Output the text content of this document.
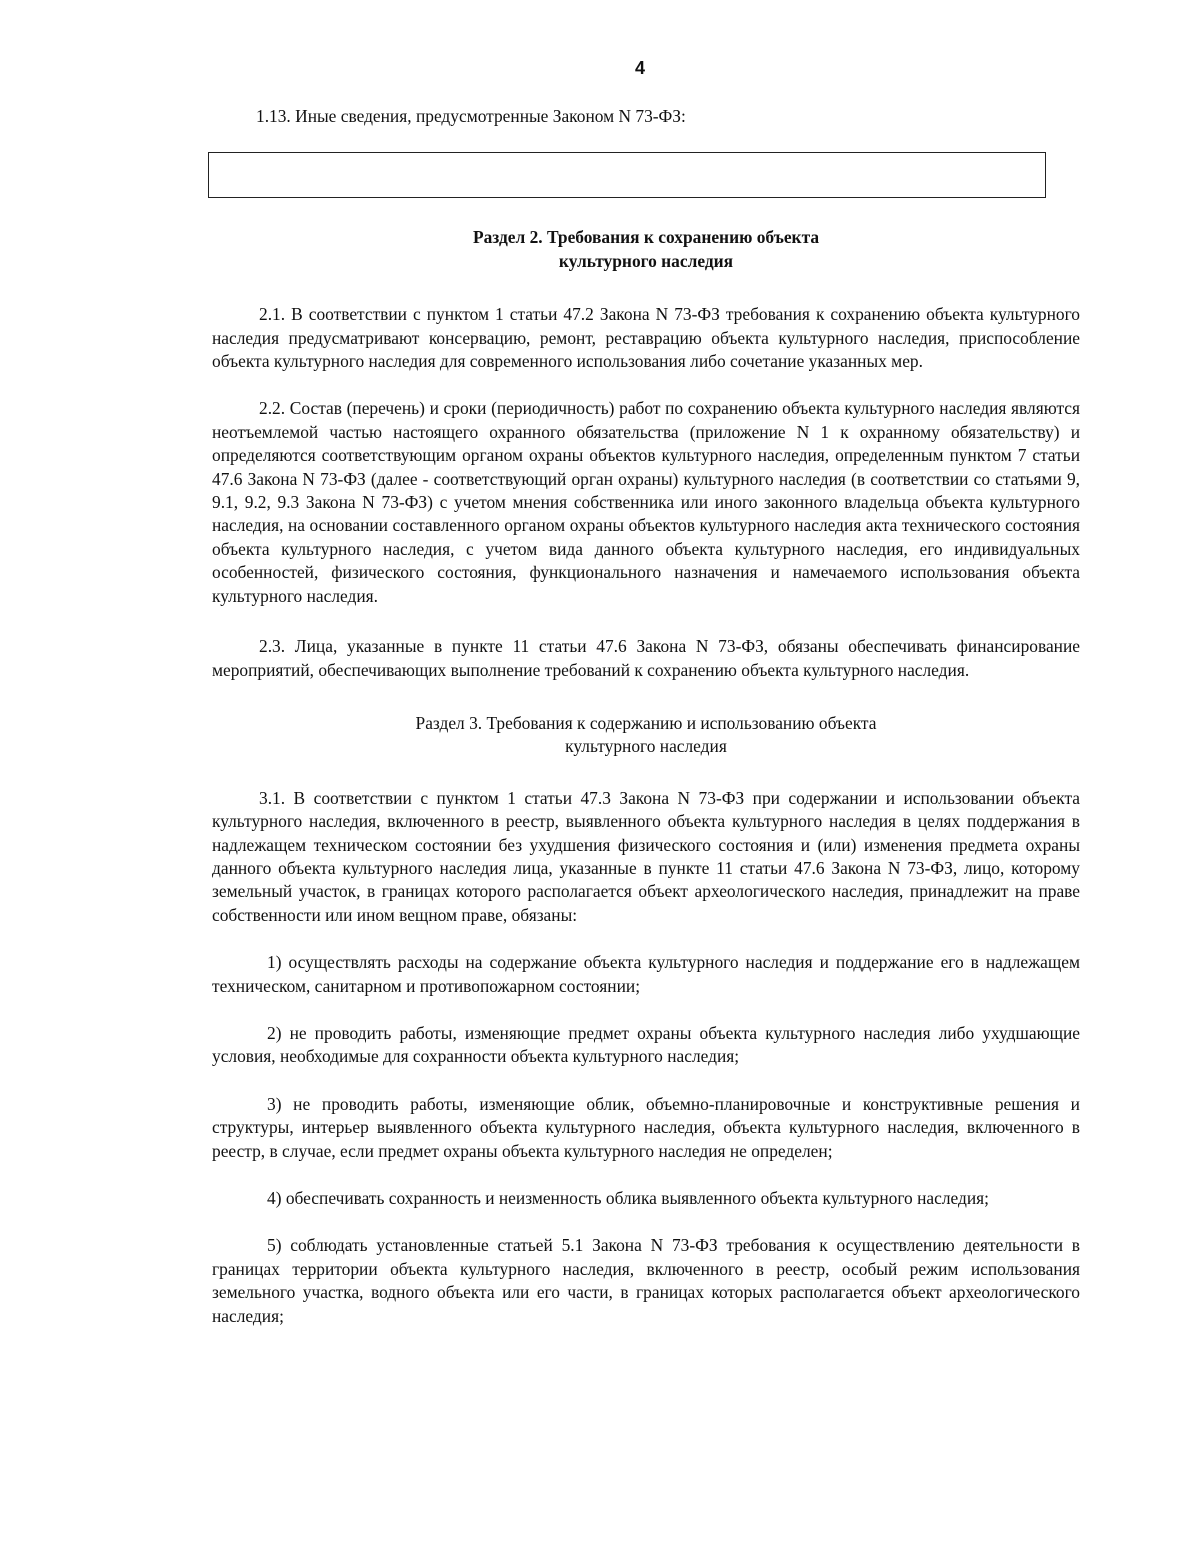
4

1.13. Иные сведения, предусмотренные Законом N 73-ФЗ:

Раздел 2. Требования к сохранению объекта

культурного наследия

2.1. В соответствии с пунктом 1 статьи 47.2 Закона N 73-ФЗ требования к сохранению объекта культурного наследия предусматривают консервацию, ремонт, реставрацию объекта культурного наследия, приспособление объекта культурного наследия для современного использования либо сочетание указанных мер.

2.2. Состав (перечень) и сроки (периодичность) работ по сохранению объекта культурного наследия являются неотъемлемой частью настоящего охранного обязательства (приложение N 1 к охранному обязательству) и определяются соответствующим органом охраны объектов культурного наследия, определенным пунктом 7 статьи 47.6 Закона N 73-ФЗ (далее - соответствующий орган охраны) культурного наследия (в соответствии со статьями 9, 9.1, 9.2, 9.3 Закона N 73-ФЗ) с учетом мнения собственника или иного законного владельца объекта культурного наследия, на основании составленного органом охраны объектов культурного наследия акта технического состояния объекта культурного наследия, с учетом вида данного объекта культурного наследия, его индивидуальных особенностей, физического состояния, функционального назначения и намечаемого использования объекта культурного наследия.

2.3. Лица, указанные в пункте 11 статьи 47.6 Закона N 73-ФЗ, обязаны обеспечивать финансирование мероприятий, обеспечивающих выполнение требований к сохранению объекта культурного наследия.

Раздел 3. Требования к содержанию и использованию объекта

культурного наследия

3.1. В соответствии с пунктом 1 статьи 47.3 Закона N 73-ФЗ при содержании и использовании объекта культурного наследия, включенного в реестр, выявленного объекта культурного наследия в целях поддержания в надлежащем техническом состоянии без ухудшения физического состояния и (или) изменения предмета охраны данного объекта культурного наследия лица, указанные в пункте 11 статьи 47.6 Закона N 73-ФЗ, лицо, которому земельный участок, в границах которого располагается объект археологического наследия, принадлежит на праве собственности или ином вещном праве, обязаны:

1) осуществлять расходы на содержание объекта культурного наследия и поддержание его в надлежащем техническом, санитарном и противопожарном состоянии;

2) не проводить работы, изменяющие предмет охраны объекта культурного наследия либо ухудшающие условия, необходимые для сохранности объекта культурного наследия;

3) не проводить работы, изменяющие облик, объемно-планировочные и конструктивные решения и структуры, интерьер выявленного объекта культурного наследия, объекта культурного наследия, включенного в реестр, в случае, если предмет охраны объекта культурного наследия не определен;

4) обеспечивать сохранность и неизменность облика выявленного объекта культурного наследия;

5) соблюдать установленные статьей 5.1 Закона N 73-ФЗ требования к осуществлению деятельности в границах территории объекта культурного наследия, включенного в реестр, особый режим использования земельного участка, водного объекта или его части, в границах которых располагается объект археологического наследия;
